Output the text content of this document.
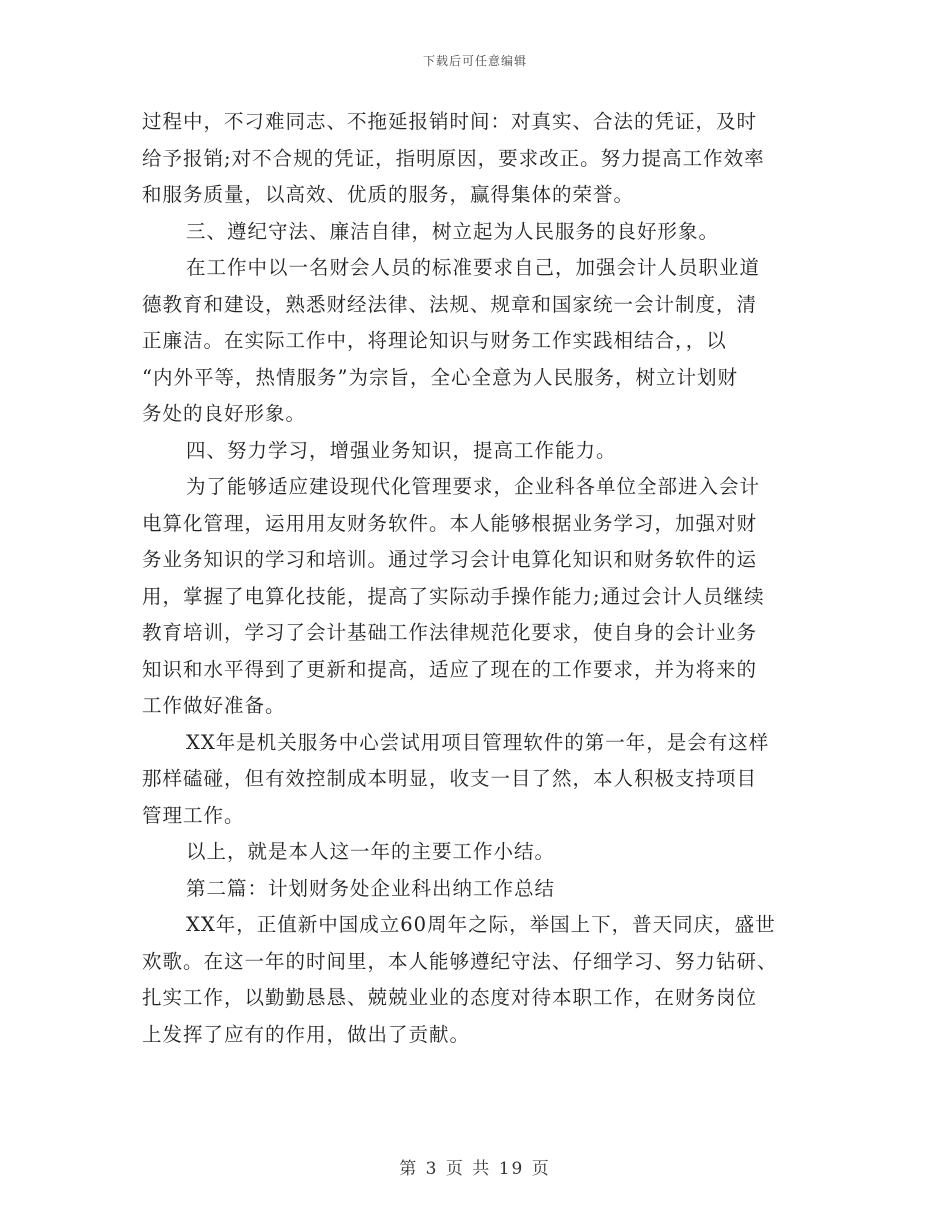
下载后可任意编辑
过程中，不刁难同志、不拖延报销时间：对真实、合法的凭证，及时
给予报销;对不合规的凭证，指明原因，要求改正。努力提高工作效率
和服务质量，以高效、优质的服务，赢得集体的荣誉。
三、遵纪守法、廉洁自律，树立起为人民服务的良好形象。
在工作中以一名财会人员的标准要求自己，加强会计人员职业道
德教育和建设，熟悉财经法律、法规、规章和国家统一会计制度，清
正廉洁。在实际工作中，将理论知识与财务工作实践相结合，，以
“内外平等，热情服务”为宗旨，全心全意为人民服务，树立计划财
务处的良好形象。
四、努力学习，增强业务知识，提高工作能力。
为了能够适应建设现代化管理要求，企业科各单位全部进入会计
电算化管理，运用用友财务软件。本人能够根据业务学习，加强对财
务业务知识的学习和培训。通过学习会计电算化知识和财务软件的运
用，掌握了电算化技能，提高了实际动手操作能力;通过会计人员继续
教育培训，学习了会计基础工作法律规范化要求，使自身的会计业务
知识和水平得到了更新和提高，适应了现在的工作要求，并为将来的
工作做好准备。
XX年是机关服务中心尝试用项目管理软件的第一年，是会有这样
那样磕碰，但有效控制成本明显，收支一目了然，本人积极支持项目
管理工作。
以上，就是本人这一年的主要工作小结。
第二篇：计划财务处企业科出纳工作总结
XX年，正值新中国成立60周年之际，举国上下，普天同庆，盛世
欢歌。在这一年的时间里，本人能够遵纪守法、仔细学习、努力钻研、
扎实工作，以勤勤恳恳、兢兢业业的态度对待本职工作，在财务岗位
上发挥了应有的作用，做出了贡献。
第 3 页 共 19 页
